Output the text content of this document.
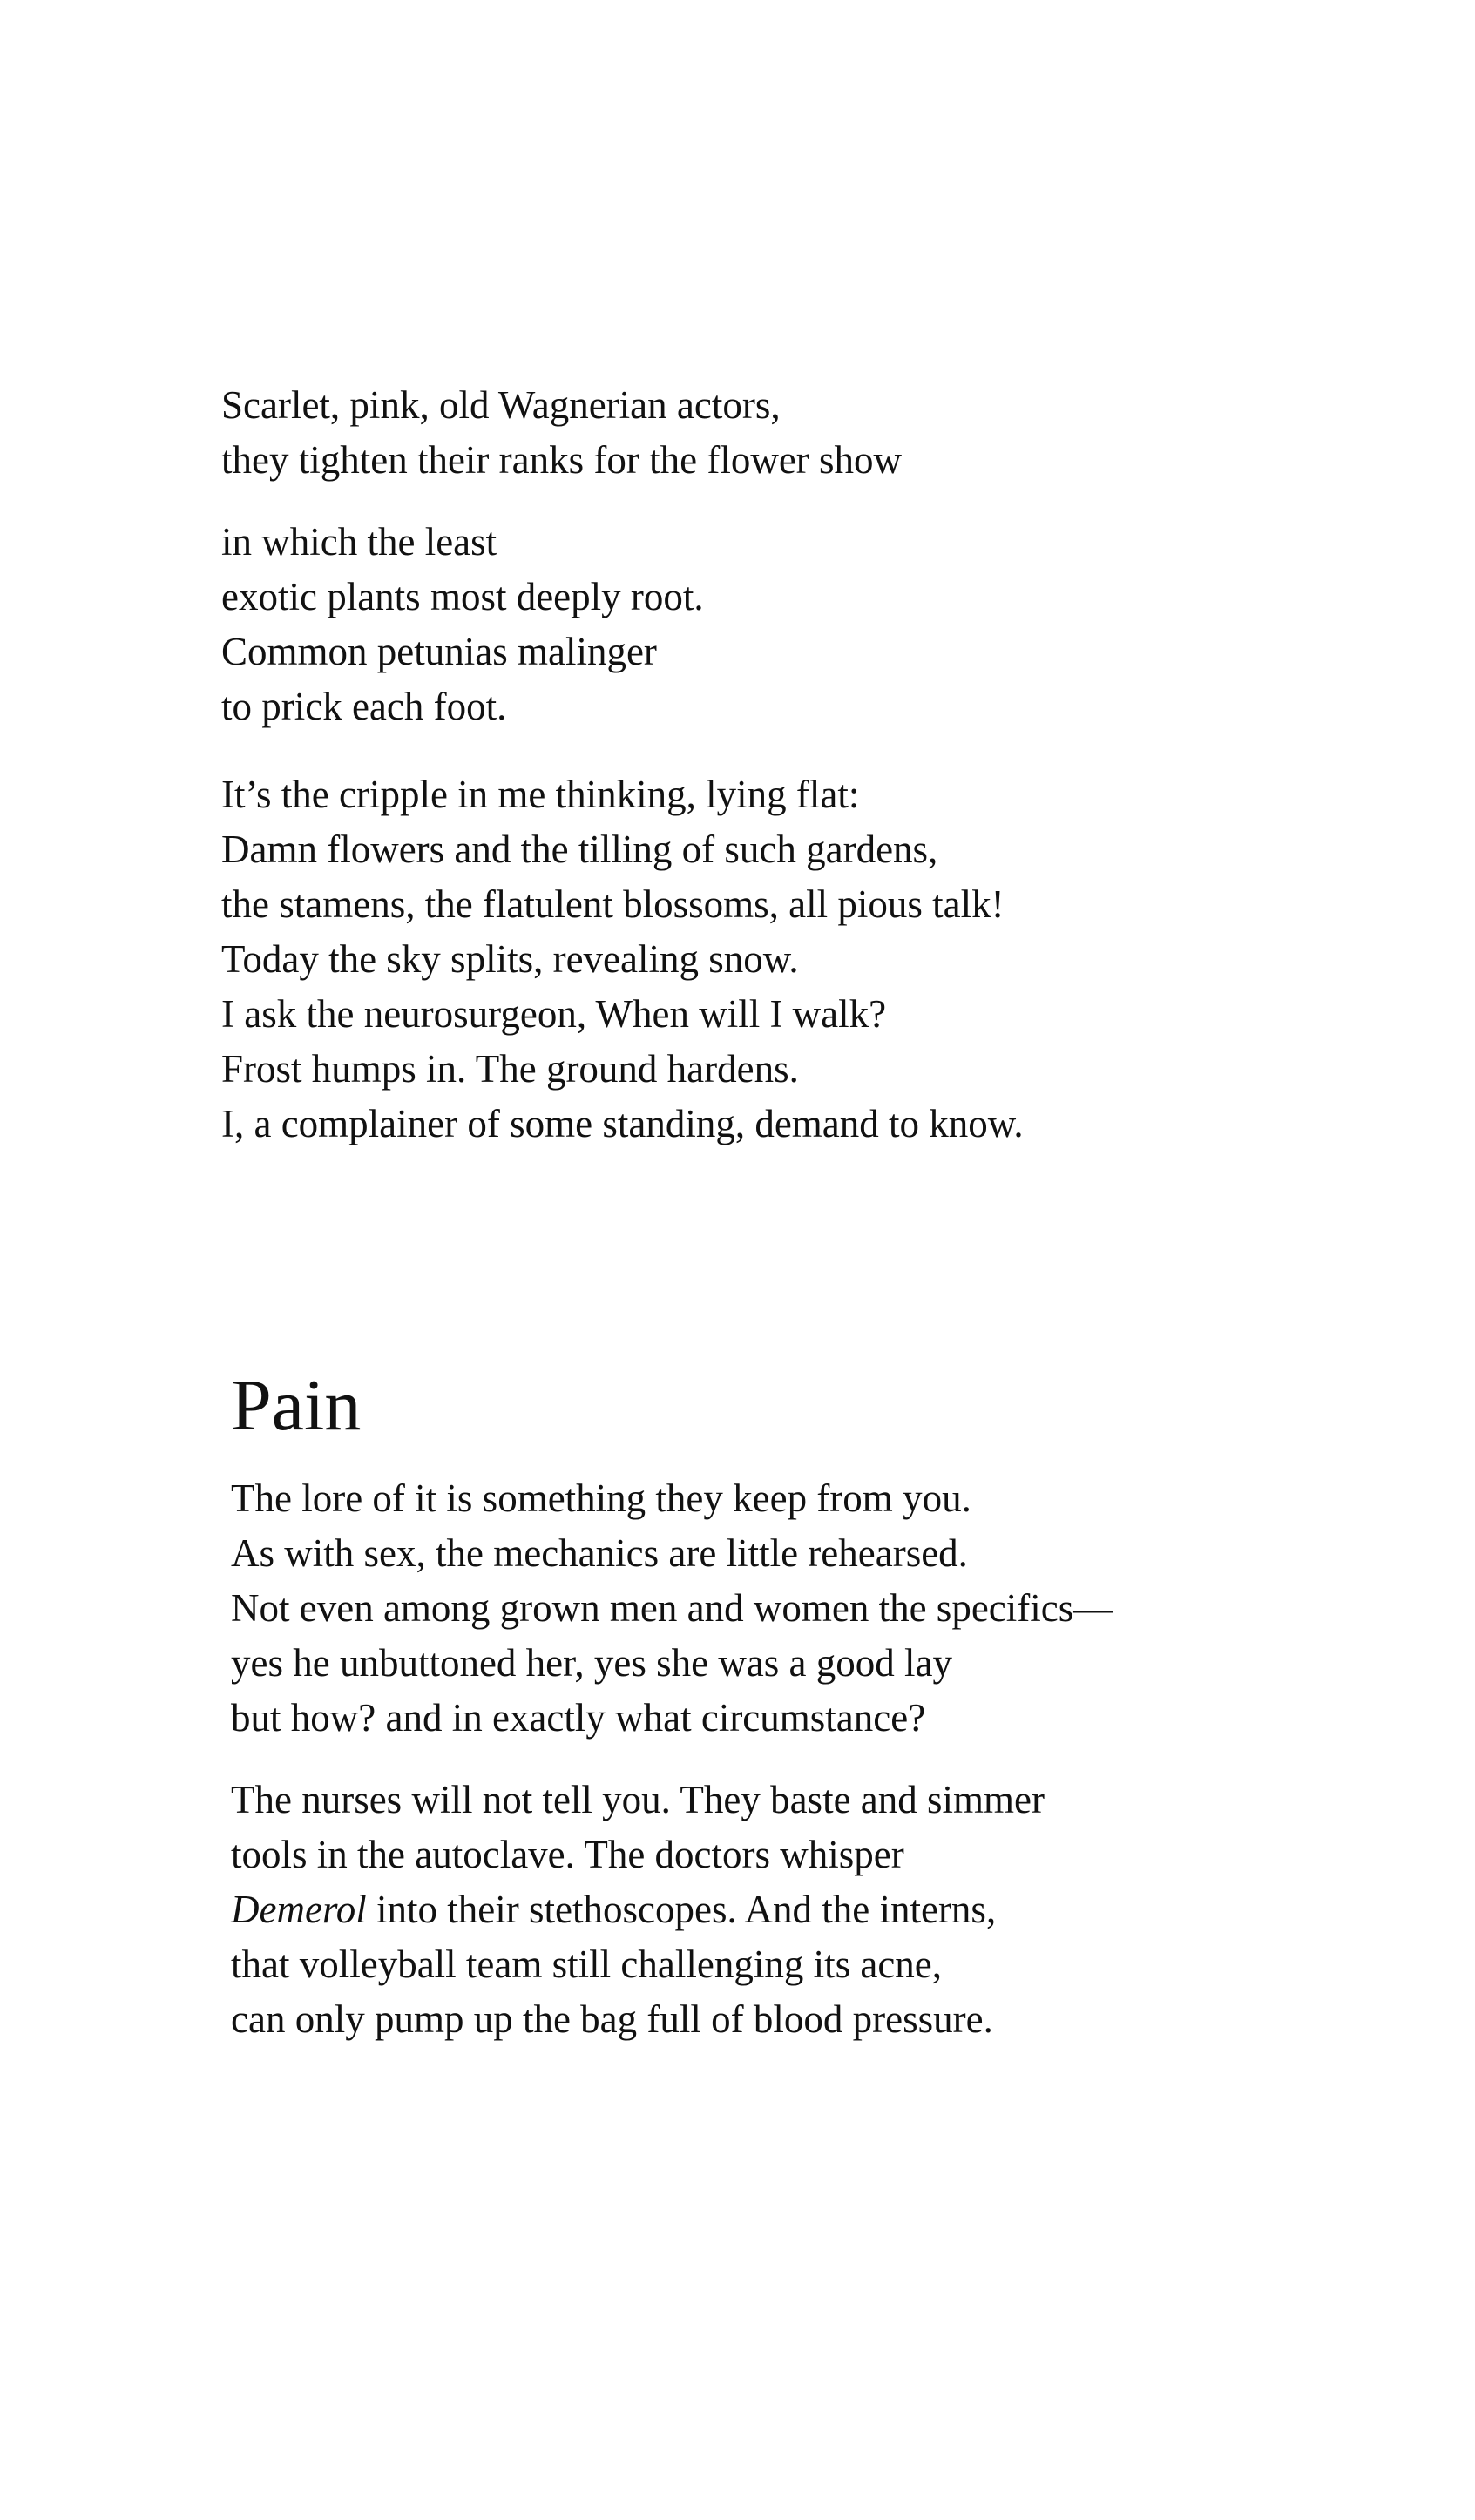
Scarlet, pink, old Wagnerian actors,
they tighten their ranks for the flower show
in which the least
exotic plants most deeply root.
Common petunias malinger
to prick each foot.
It’s the cripple in me thinking, lying flat:
Damn flowers and the tilling of such gardens,
the stamens, the flatulent blossoms, all pious talk!
Today the sky splits, revealing snow.
I ask the neurosurgeon, When will I walk?
Frost humps in. The ground hardens.
I, a complainer of some standing, demand to know.
Pain
The lore of it is something they keep from you.
As with sex, the mechanics are little rehearsed.
Not even among grown men and women the specifics—
yes he unbuttoned her, yes she was a good lay
but how? and in exactly what circumstance?
The nurses will not tell you. They baste and simmer
tools in the autoclave. The doctors whisper
Demerol into their stethoscopes. And the interns,
that volleyball team still challenging its acne,
can only pump up the bag full of blood pressure.
